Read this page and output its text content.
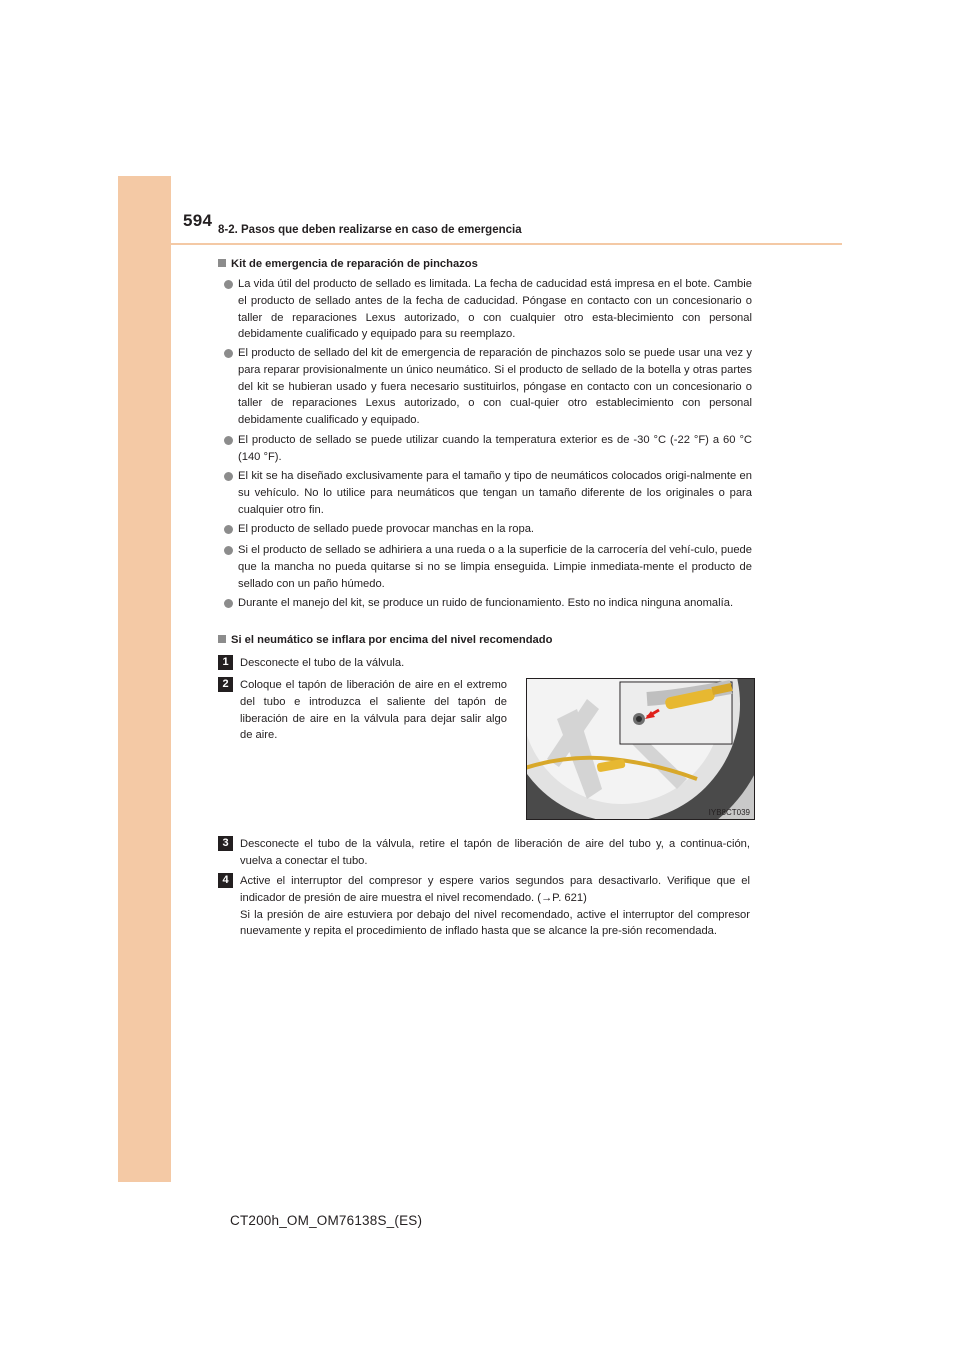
594 8-2. Pasos que deben realizarse en caso de emergencia
Kit de emergencia de reparación de pinchazos
La vida útil del producto de sellado es limitada. La fecha de caducidad está impresa en el bote. Cambie el producto de sellado antes de la fecha de caducidad. Póngase en contacto con un concesionario o taller de reparaciones Lexus autorizado, o con cualquier otro esta-blecimiento con personal debidamente cualificado y equipado para su reemplazo.
El producto de sellado del kit de emergencia de reparación de pinchazos solo se puede usar una vez y para reparar provisionalmente un único neumático. Si el producto de sellado de la botella y otras partes del kit se hubieran usado y fuera necesario sustituirlos, póngase en contacto con un concesionario o taller de reparaciones Lexus autorizado, o con cual-quier otro establecimiento con personal debidamente cualificado y equipado.
El producto de sellado se puede utilizar cuando la temperatura exterior es de -30 °C (-22 °F) a 60 °C (140 °F).
El kit se ha diseñado exclusivamente para el tamaño y tipo de neumáticos colocados origi-nalmente en su vehículo. No lo utilice para neumáticos que tengan un tamaño diferente de los originales o para cualquier otro fin.
El producto de sellado puede provocar manchas en la ropa.
Si el producto de sellado se adhiriera a una rueda o a la superficie de la carrocería del vehí-culo, puede que la mancha no pueda quitarse si no se limpia enseguida. Limpie inmediata-mente el producto de sellado con un paño húmedo.
Durante el manejo del kit, se produce un ruido de funcionamiento. Esto no indica ninguna anomalía.
Si el neumático se inflara por encima del nivel recomendado
1	Desconecte el tubo de la válvula.
2	Coloque el tapón de liberación de aire en el extremo del tubo e introduzca el saliente del tapón de liberación de aire en la válvula para dejar salir algo de aire.
IYB8CT039
3	Desconecte el tubo de la válvula, retire el tapón de liberación de aire del tubo y, a continua-ción, vuelva a conectar el tubo.
4	Active el interruptor del compresor y espere varios segundos para desactivarlo. Verifique que el indicador de presión de aire muestra el nivel recomendado. (→P. 621)
Si la presión de aire estuviera por debajo del nivel recomendado, active el interruptor del compresor nuevamente y repita el procedimiento de inflado hasta que se alcance la pre-sión recomendada.
CT200h_OM_OM76138S_(ES)
